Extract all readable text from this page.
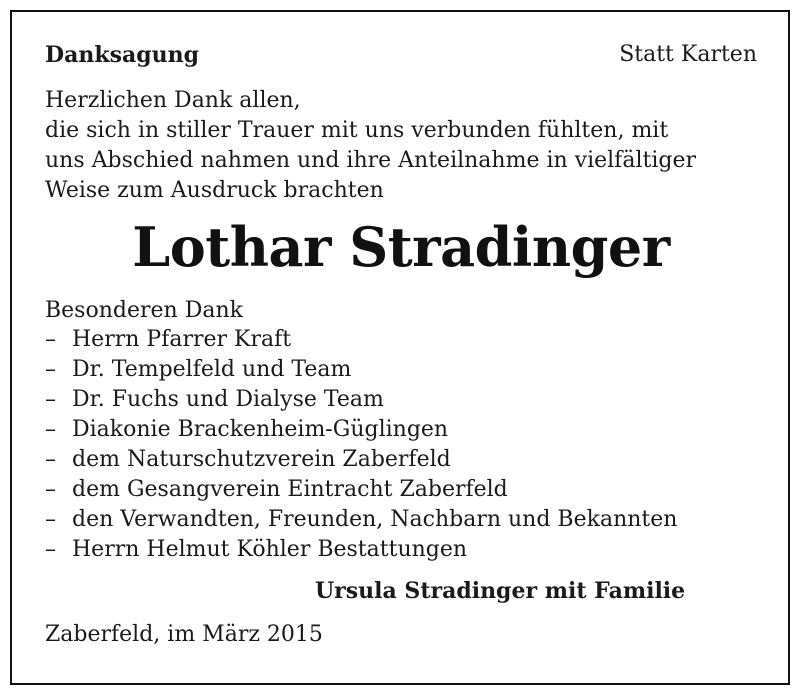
Danksagung	Statt Karten
Herzlichen Dank allen,
die sich in stiller Trauer mit uns verbunden fühlten, mit
uns Abschied nahmen und ihre Anteilnahme in vielfältiger
Weise zum Ausdruck brachten
Lothar Stradinger
Besonderen Dank
– Herrn Pfarrer Kraft
– Dr. Tempelfeld und Team
– Dr. Fuchs und Dialyse Team
– Diakonie Brackenheim-Güglingen
– dem Naturschutzverein Zaberfeld
– dem Gesangverein Eintracht Zaberfeld
– den Verwandten, Freunden, Nachbarn und Bekannten
– Herrn Helmut Köhler Bestattungen
Ursula Stradinger mit Familie
Zaberfeld, im März 2015
